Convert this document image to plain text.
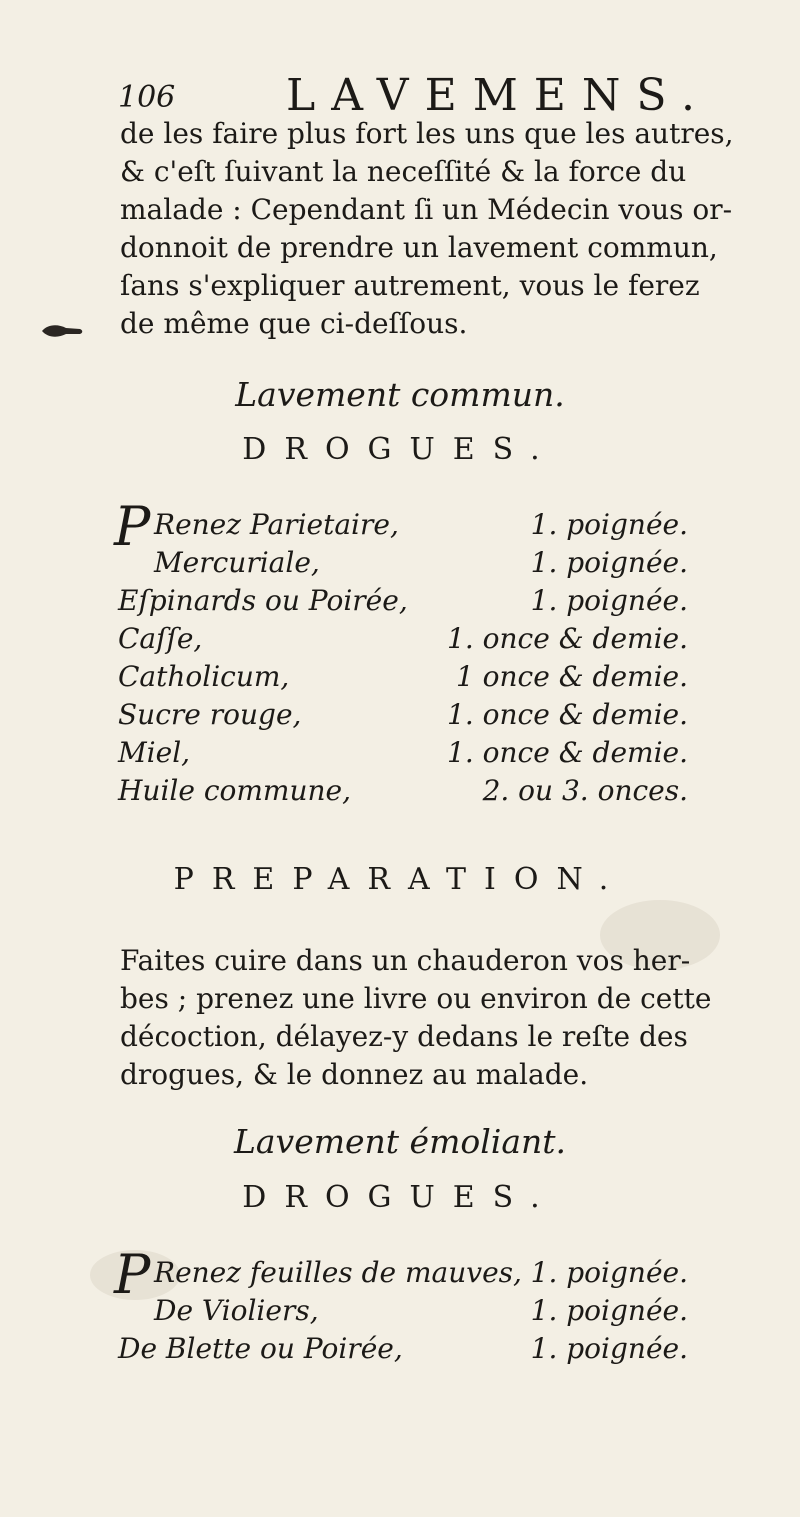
106	LAVEMENS.
de les faire plus fort les uns que les autres,
& c'eſt ſuivant la neceſſité & la force du
malade : Cependant ſi un Médecin vous or-
donnoit de prendre un lavement commun,
ſans s'expliquer autrement, vous le ferez
de même que ci-deſſous.
Lavement commun.
DROGUES.
P Renez Parietaire,	1. poignée.
Mercuriale,	1. poignée.
Eſpinards ou Poirée,	1. poignée.
Caſſe,	1. once & demie.
Catholicum,	1 once & demie.
Sucre rouge,	1. once & demie.
Miel,	1. once & demie.
Huile commune,	2. ou 3. onces.
PREPARATION.
Faites cuire dans un chauderon vos her-
bes ; prenez une livre ou environ de cette
décoction, délayez-y dedans le reſte des
drogues, & le donnez au malade.
Lavement émoliant.
DROGUES.
P Renez feuilles de mauves, 1. poignée.
De Violiers,	1. poignée.
De Blette ou Poirée,	1. poignée.
